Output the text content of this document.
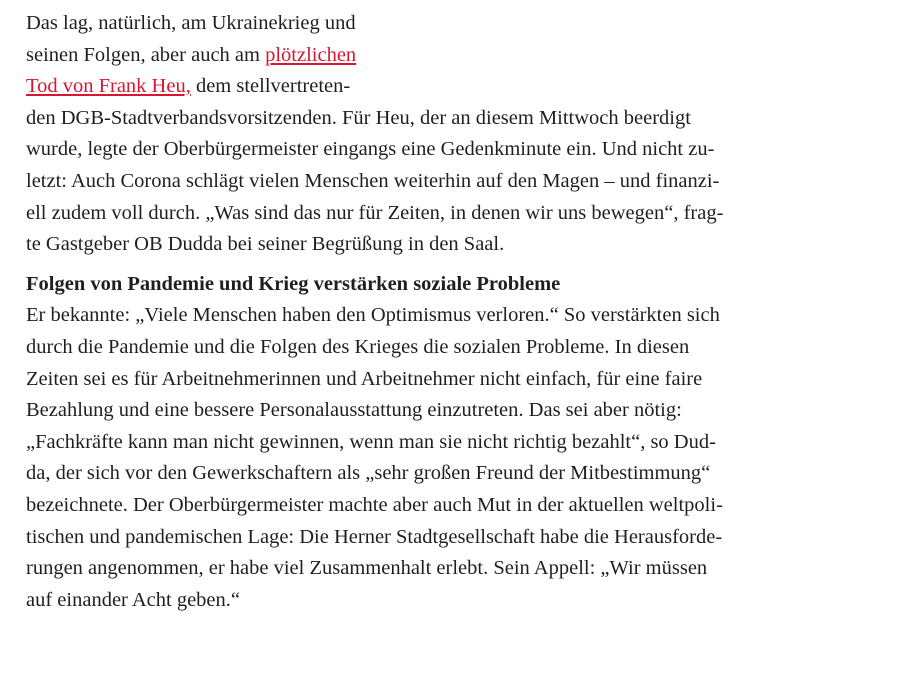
Das lag, natürlich, am Ukrainekrieg und
seinen Folgen, aber auch am plötzlichen
Tod von Frank Heu, dem stellvertreten-
den DGB-Stadtverbandsvorsitzenden. Für Heu, der an diesem Mittwoch beerdigt
wurde, legte der Oberbürgermeister eingangs eine Gedenkminute ein. Und nicht zu-
letzt: Auch Corona schlägt vielen Menschen weiterhin auf den Magen – und finanzi-
ell zudem voll durch. „Was sind das nur für Zeiten, in denen wir uns bewegen“, frag-
te Gastgeber OB Dudda bei seiner Begrüßung in den Saal.
Folgen von Pandemie und Krieg verstärken soziale Probleme
Er bekannte: „Viele Menschen haben den Optimismus verloren.“ So verstärkten sich
durch die Pandemie und die Folgen des Krieges die sozialen Probleme. In diesen
Zeiten sei es für Arbeitnehmerinnen und Arbeitnehmer nicht einfach, für eine faire
Bezahlung und eine bessere Personalausstattung einzutreten. Das sei aber nötig:
„Fachkräfte kann man nicht gewinnen, wenn man sie nicht richtig bezahlt“, so Dud-
da, der sich vor den Gewerkschaftern als „sehr großen Freund der Mitbestimmung“
bezeichnete. Der Oberbürgermeister machte aber auch Mut in der aktuellen weltpoli-
tischen und pandemischen Lage: Die Herner Stadtgesellschaft habe die Herausforde-
rungen angenommen, er habe viel Zusammenhalt erlebt. Sein Appell: „Wir müssen
auf einander Acht geben.“
